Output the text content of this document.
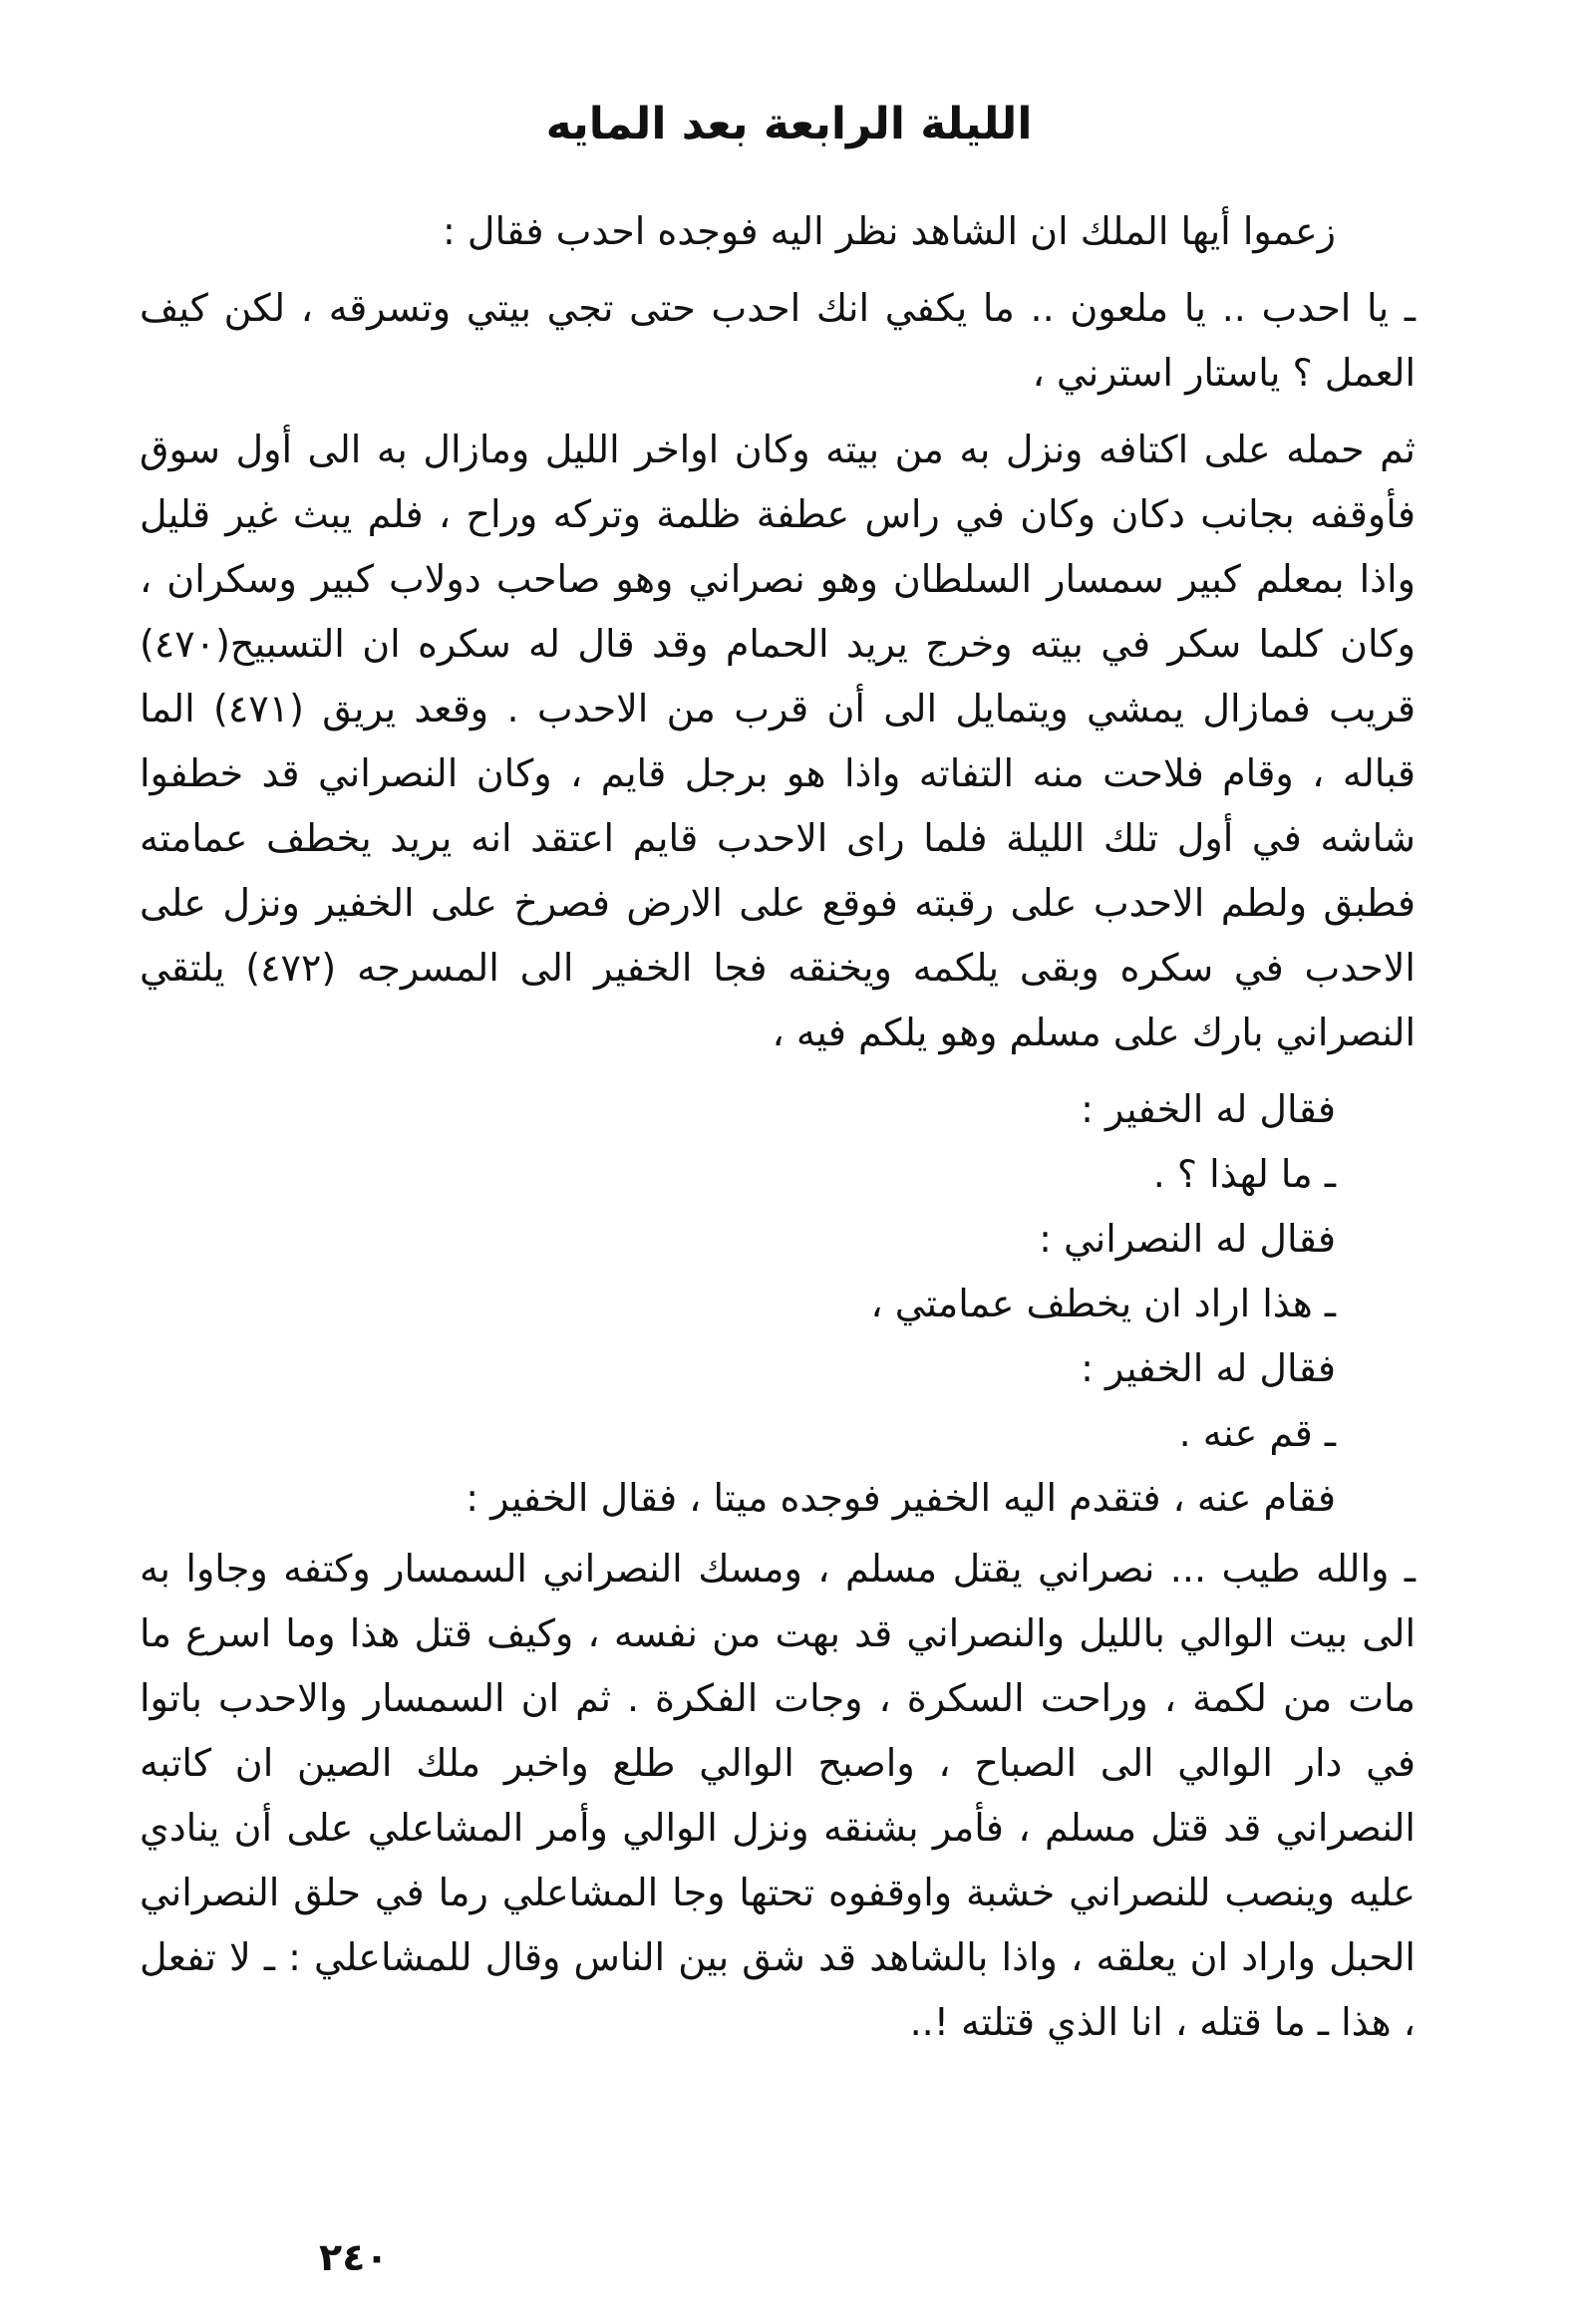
الليلة الرابعة بعد المايه

زعموا أيها الملك ان الشاهد نظر اليه فوجده احدب فقال :

ـ يا احدب .. يا ملعون .. ما يكفي انك احدب حتى تجي بيتي وتسرقه ، لكن كيف العمل ؟ ياستار استرني ،

ثم حمله على اكتافه ونزل به من بيته وكان اواخر الليل ومازال به الى أول سوق فأوقفه بجانب دكان وكان في راس عطفة ظلمة وتركه وراح ، فلم يبث غير قليل واذا بمعلم كبير سمسار السلطان وهو نصراني وهو صاحب دولاب كبير وسكران ، وكان كلما سكر في بيته وخرج يريد الحمام وقد قال له سكره ان التسبيح(٤٧٠) قريب فمازال يمشي ويتمايل الى أن قرب من الاحدب . وقعد يريق (٤٧١) الما قباله ، وقام فلاحت منه التفاته واذا هو برجل قايم ، وكان النصراني قد خطفوا شاشه في أول تلك الليلة فلما راى الاحدب قايم اعتقد انه يريد يخطف عمامته فطبق ولطم الاحدب على رقبته فوقع على الارض فصرخ على الخفير ونزل على الاحدب في سكره وبقى يلكمه ويخنقه فجا الخفير الى المسرجه (٤٧٢) يلتقي النصراني بارك على مسلم وهو يلكم فيه ،

فقال له الخفير :

ـ ما لهذا ؟ .

فقال له النصراني :

ـ هذا اراد ان يخطف عمامتي ،

فقال له الخفير :

ـ قم عنه .

فقام عنه ، فتقدم اليه الخفير فوجده ميتا ، فقال الخفير :

ـ والله طيب ... نصراني يقتل مسلم ، ومسك النصراني السمسار وكتفه وجاوا به الى بيت الوالي بالليل والنصراني قد بهت من نفسه ، وكيف قتل هذا وما اسرع ما مات من لكمة ، وراحت السكرة ، وجات الفكرة . ثم ان السمسار والاحدب باتوا في دار الوالي الى الصباح ، واصبح الوالي طلع واخبر ملك الصين ان كاتبه النصراني قد قتل مسلم ، فأمر بشنقه ونزل الوالي وأمر المشاعلي على أن ينادي عليه وينصب للنصراني خشبة واوقفوه تحتها وجا المشاعلي رما في حلق النصراني الحبل واراد ان يعلقه ، واذا بالشاهد قد شق بين الناس وقال للمشاعلي : ـ لا تفعل ، هذا ـ ما قتله ، انا الذي قتلته !..

٢٤٠
